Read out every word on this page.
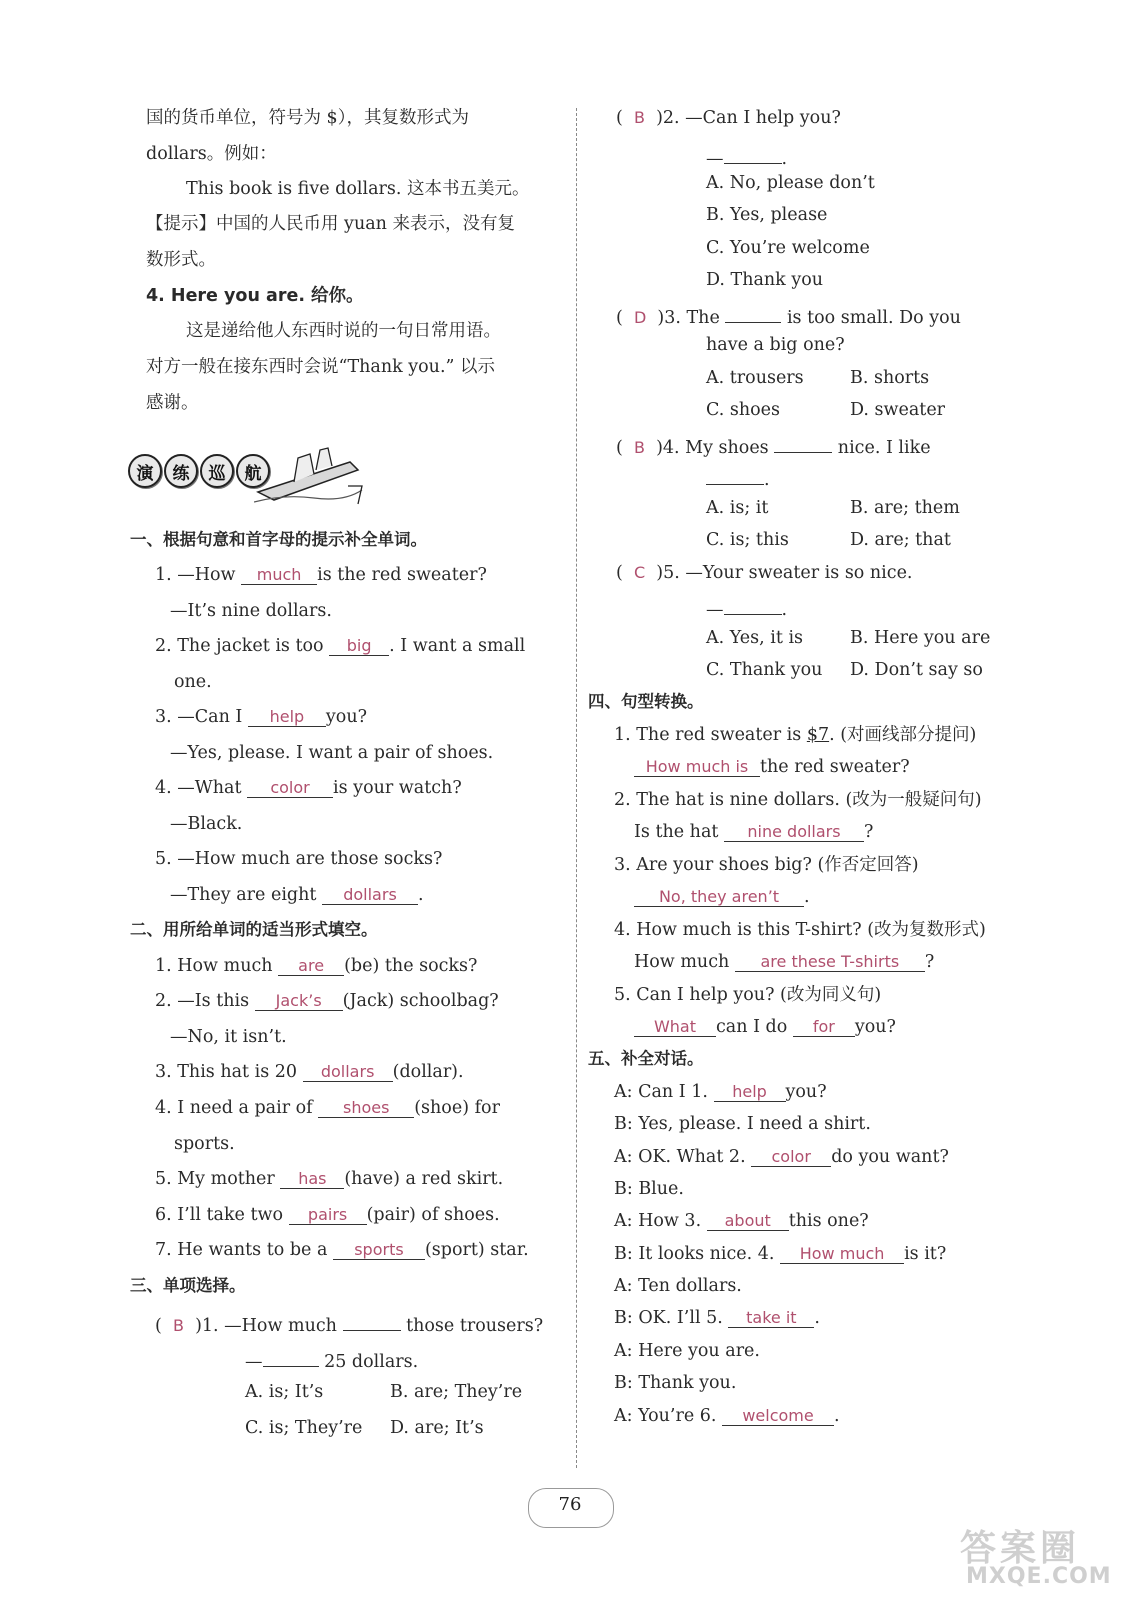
国的货币单位，符号为 $），其复数形式为
dollars。例如：
This book is five dollars. 这本书五美元。
【提示】中国的人民币用 yuan 来表示，没有复
数形式。
4. Here you are. 给你。
这是递给他人东西时说的一句日常用语。
对方一般在接东西时会说“Thank you.” 以示
感谢。
演	练	巡	航
一、根据句意和首字母的提示补全单词。
1. —How much is the red sweater?
—It’s nine dollars.
2. The jacket is too big . I want a small
one.
3. —Can I help you?
—Yes, please. I want a pair of shoes.
4. —What color is your watch?
—Black.
5. —How much are those socks?
—They are eight dollars .
二、用所给单词的适当形式填空。
1. How much are (be) the socks?
2. —Is this Jack’s (Jack) schoolbag?
—No, it isn’t.
3. This hat is 20 dollars (dollar).
4. I need a pair of shoes (shoe) for
sports.
5. My mother has (have) a red skirt.
6. I’ll take two pairs (pair) of shoes.
7. He wants to be a sports (sport) star.
三、单项选择。
(  B )1. —How much	those trousers?
—	25 dollars.
A. is; It’s	B. are; They’re
C. is; They’re D. are; It’s
(  B )2. —Can I help you?
—	.
A. No, please don’t
B. Yes, please
C. You’re welcome
D. Thank you
(  D )3. The	is too small. Do you
have a big one?
A. trousers	B. shorts
C. shoes	D. sweater
(  B )4. My shoes	nice. I like
.
A. is; it	B. are; them
C. is; this	D. are; that
(  C )5. —Your sweater is so nice.
—	.
A. Yes, it is	B. Here you are
C. Thank you D. Don’t say so
四、句型转换。
1. The red sweater is $7. (对画线部分提问)
How much is the red sweater?
2. The hat is nine dollars. (改为一般疑问句)
Is the hat nine dollars ?
3. Are your shoes big? (作否定回答)
No, they aren’t .
4. How much is this T-shirt? (改为复数形式)
How much are these T-shirts ?
5. Can I help you? (改为同义句)
What can I do for you?
五、补全对话。
A: Can I 1. help you?
B: Yes, please. I need a shirt.
A: OK. What 2. color do you want?
B: Blue.
A: How 3. about this one?
B: It looks nice. 4. How much is it?
A: Ten dollars.
B: OK. I’ll 5. take it .
A: Here you are.
B: Thank you.
A: You’re 6. welcome .
76
答案圈
MXQE.COM
